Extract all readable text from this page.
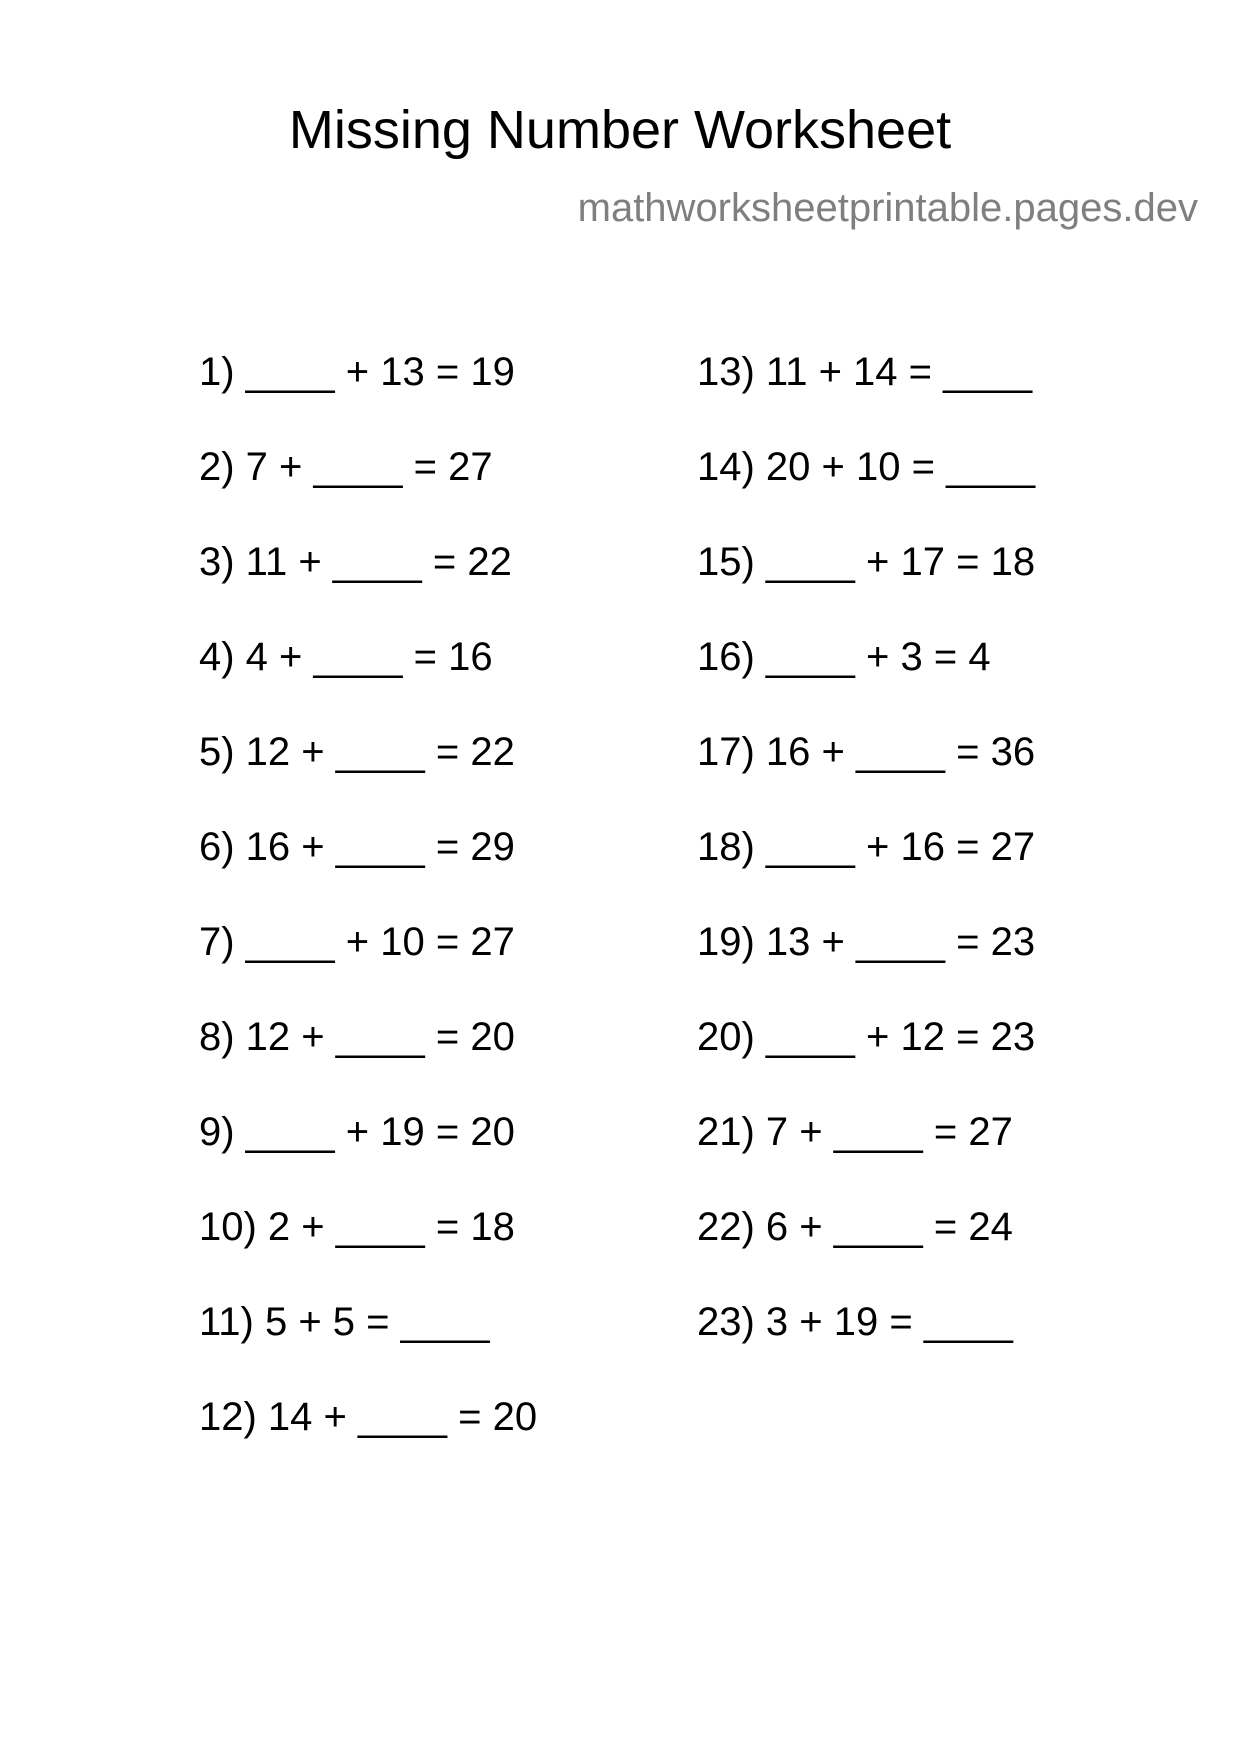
Missing Number Worksheet
mathworksheetprintable.pages.dev
1) ____ + 13 = 19
2) 7 + ____ = 27
3) 11 + ____ = 22
4) 4 + ____ = 16
5) 12 + ____ = 22
6) 16 + ____ = 29
7) ____ + 10 = 27
8) 12 + ____ = 20
9) ____ + 19 = 20
10) 2 + ____ = 18
11) 5 + 5 = ____
12) 14 + ____ = 20
13) 11 + 14 = ____
14) 20 + 10 = ____
15) ____ + 17 = 18
16) ____ + 3 = 4
17) 16 + ____ = 36
18) ____ + 16 = 27
19) 13 + ____ = 23
20) ____ + 12 = 23
21) 7 + ____ = 27
22) 6 + ____ = 24
23) 3 + 19 = ____
